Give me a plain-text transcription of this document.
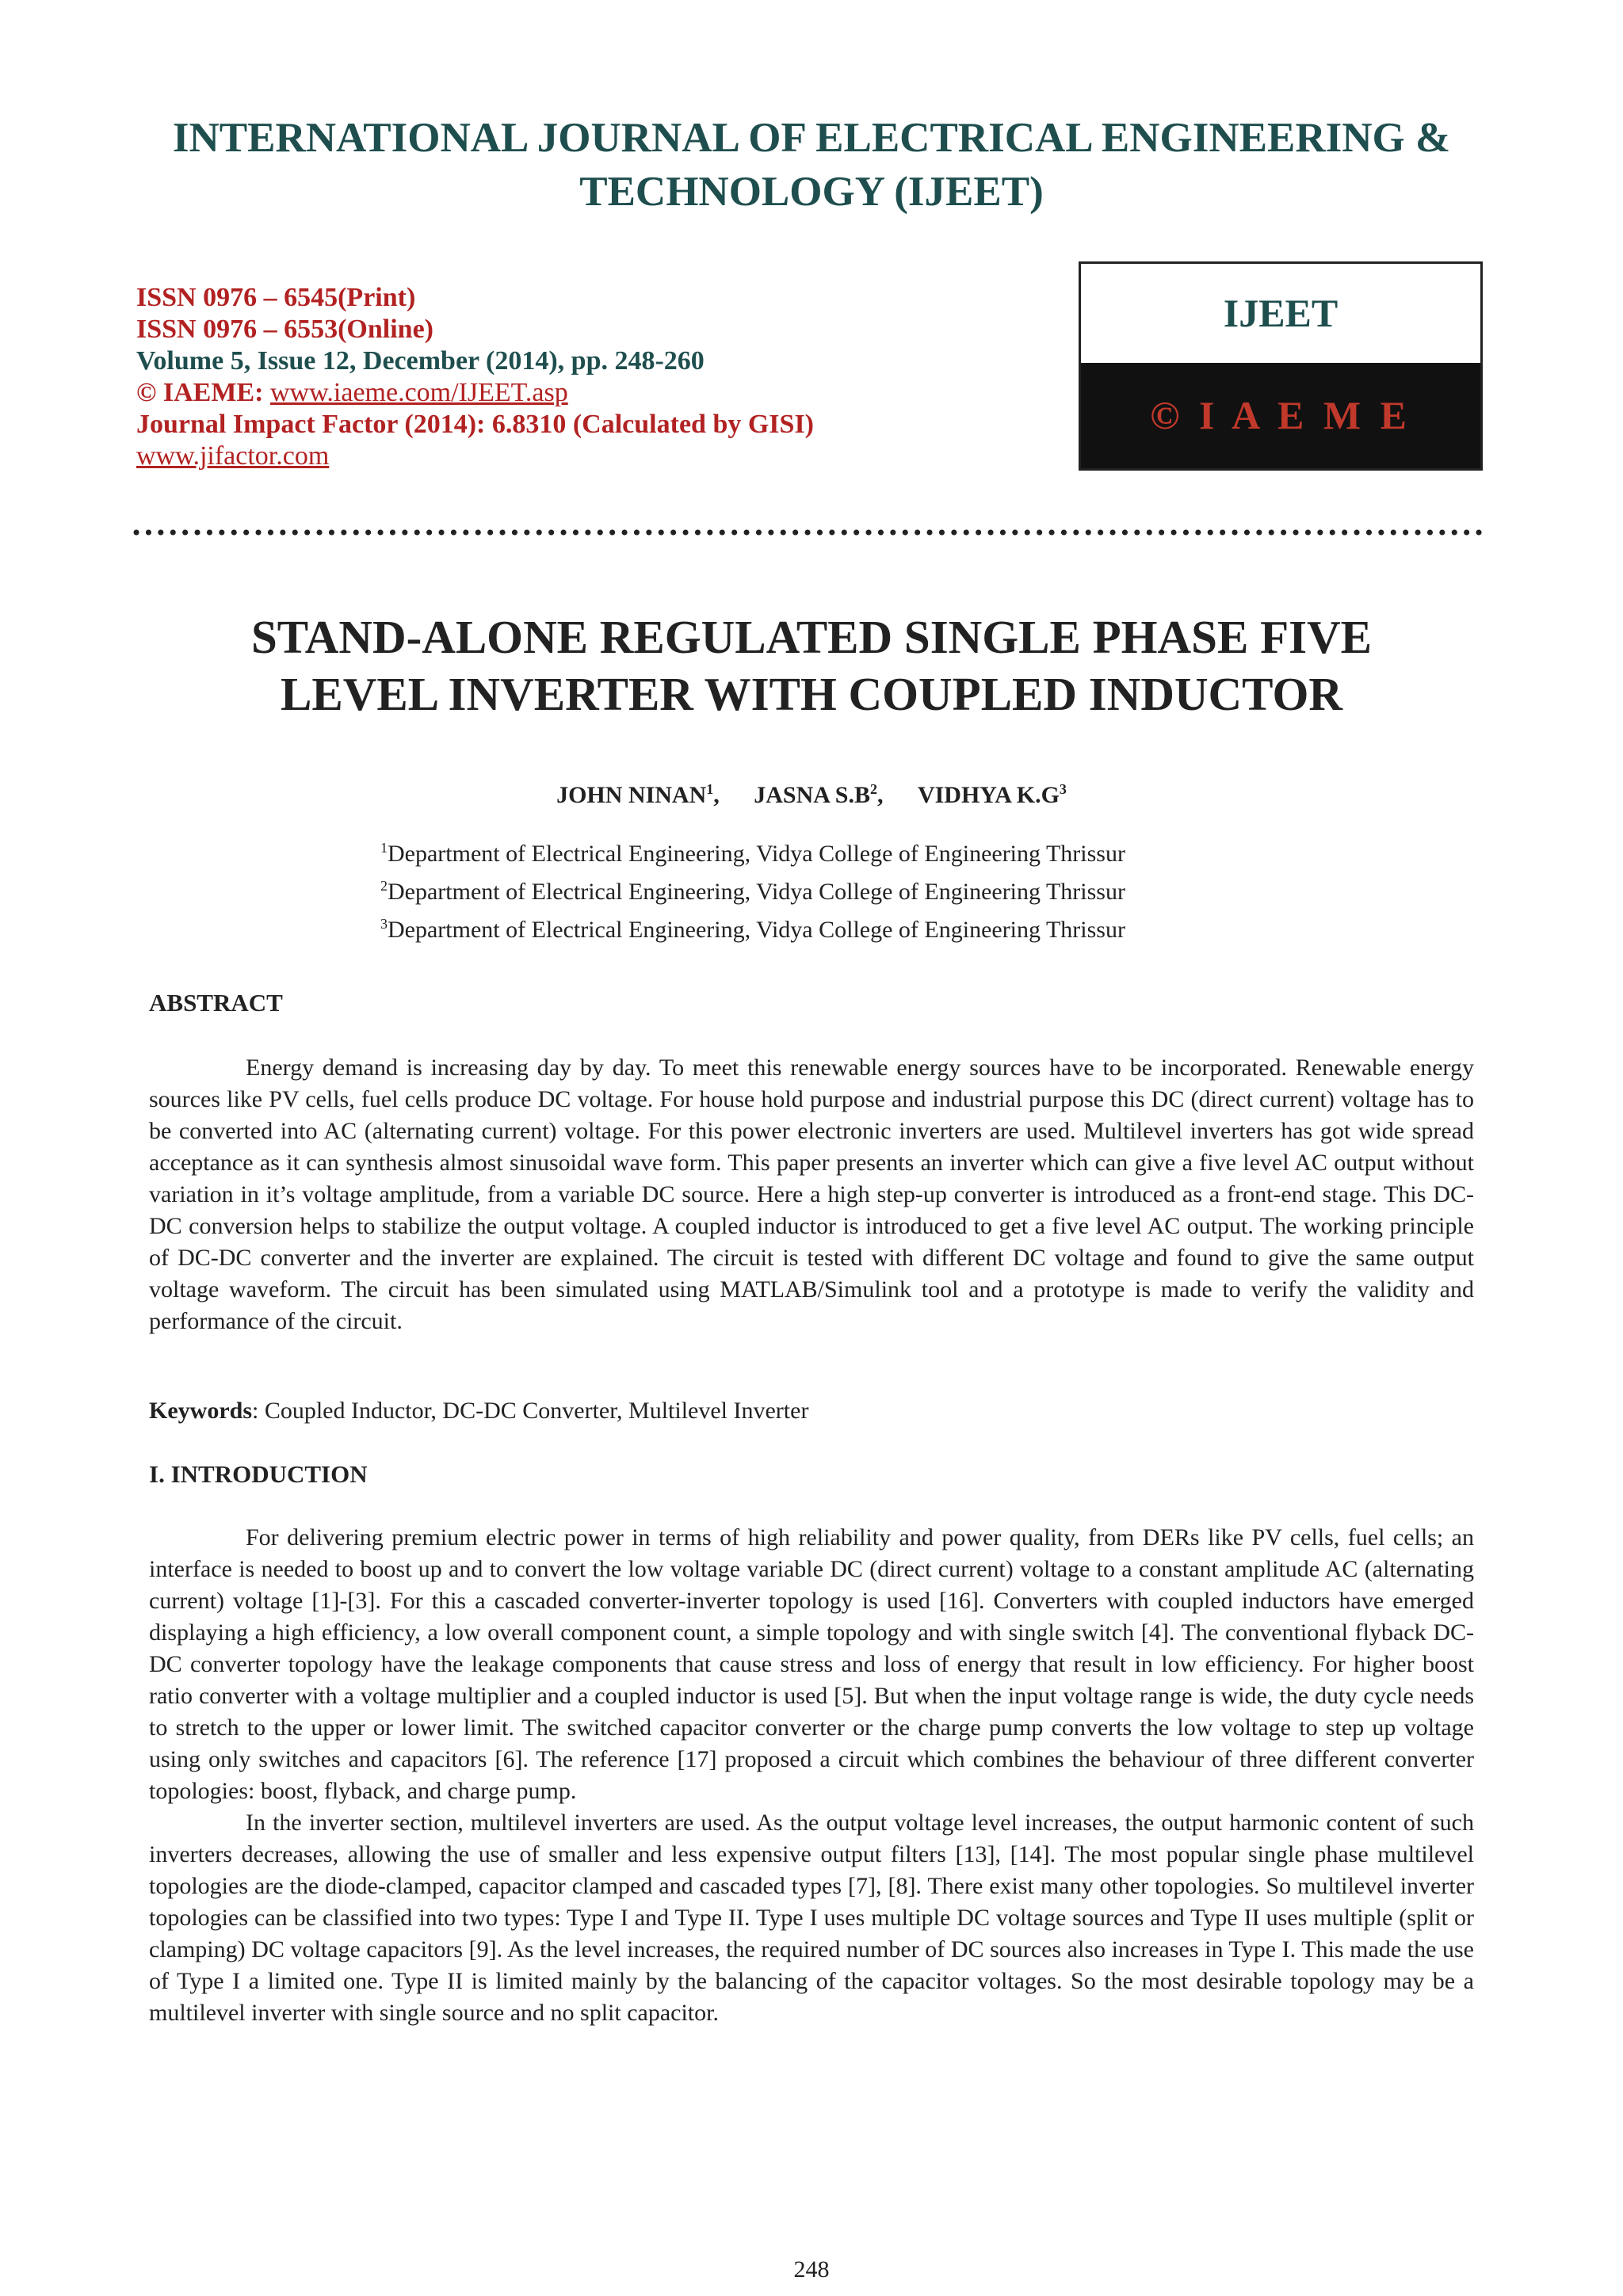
INTERNATIONAL JOURNAL OF ELECTRICAL ENGINEERING &
TECHNOLOGY (IJEET)
ISSN 0976 – 6545(Print)
ISSN 0976 – 6553(Online)
Volume 5, Issue 12, December (2014), pp. 248-260
© IAEME: www.iaeme.com/IJEET.asp
Journal Impact Factor (2014): 6.8310 (Calculated by GISI)
www.jifactor.com
IJEET
© I A E M E
STAND-ALONE REGULATED SINGLE PHASE FIVE
LEVEL INVERTER WITH COUPLED INDUCTOR
JOHN NINAN$^1$, JASNA $S.B^2$, VIDHYA $K.G^3$
$^1$Department of Electrical Engineering, Vidya College of Engineering Thrissur
$^2$Department of Electrical Engineering, Vidya College of Engineering Thrissur
$^3$Department of Electrical Engineering, Vidya College of Engineering Thrissur
ABSTRACT

Energy demand is increasing day by day. To meet this renewable energy sources have to be incorporated. Renewable energy sources like PV cells, fuel cells produce DC voltage. For house hold purpose and industrial purpose this DC (direct current) voltage has to be converted into AC (alternating current) voltage. For this power electronic inverters are used. Multilevel inverters has got wide spread acceptance as it can synthesis almost sinusoidal wave form. This paper presents an inverter which can give a five level AC output without variation in it’s voltage amplitude, from a variable DC source. Here a high step-up converter is introduced as a front-end stage. This DC-DC conversion helps to stabilize the output voltage. A coupled inductor is introduced to get a five level AC output. The working principle of DC-DC converter and the inverter are explained. The circuit is tested with different DC voltage and found to give the same output voltage waveform. The circuit has been simulated using MATLAB/Simulink tool and a prototype is made to verify the validity and performance of the circuit.

Keywords: Coupled Inductor, DC-DC Converter, Multilevel Inverter
I. INTRODUCTION

For delivering premium electric power in terms of high reliability and power quality, from DERs like PV cells, fuel cells; an interface is needed to boost up and to convert the low voltage variable DC (direct current) voltage to a constant amplitude AC (alternating current) voltage [1]-[3]. For this a cascaded converter-inverter topology is used [16]. Converters with coupled inductors have emerged displaying a high efficiency, a low overall component count, a simple topology and with single switch [4]. The conventional flyback DC-DC converter topology have the leakage components that cause stress and loss of energy that result in low efficiency. For higher boost ratio converter with a voltage multiplier and a coupled inductor is used [5]. But when the input voltage range is wide, the duty cycle needs to stretch to the upper or lower limit. The switched capacitor converter or the charge pump converts the low voltage to step up voltage using only switches and capacitors [6]. The reference [17] proposed a circuit which combines the behaviour of three different converter topologies: boost, flyback, and charge pump.

In the inverter section, multilevel inverters are used. As the output voltage level increases, the output harmonic content of such inverters decreases, allowing the use of smaller and less expensive output filters [13], [14]. The most popular single phase multilevel topologies are the diode-clamped, capacitor clamped and cascaded types [7], [8]. There exist many other topologies. So multilevel inverter topologies can be classified into two types: Type I and Type II. Type I uses multiple DC voltage sources and Type II uses multiple (split or clamping) DC voltage capacitors [9]. As the level increases, the required number of DC sources also increases in Type I. This made the use of Type I a limited one. Type II is limited mainly by the balancing of the capacitor voltages. So the most desirable topology may be a multilevel inverter with single source and no split capacitor.

248
